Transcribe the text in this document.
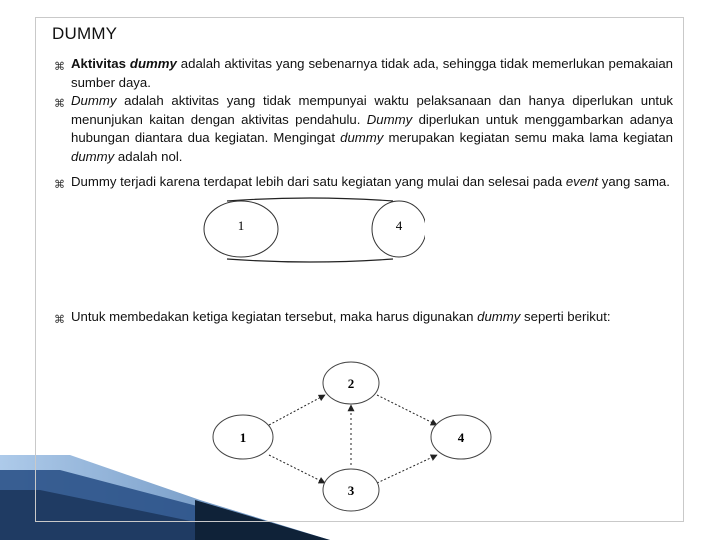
DUMMY
⌘
⌘
⌘
⌘
Aktivitas dummy adalah aktivitas yang sebenarnya tidak ada, sehingga tidak memerlukan pemakaian sumber daya.
Dummy adalah aktivitas yang tidak mempunyai waktu pelaksanaan dan hanya diperlukan untuk menunjukan kaitan dengan aktivitas pendahulu. Dummy diperlukan untuk menggambarkan adanya hubungan diantara dua kegiatan. Mengingat dummy merupakan kegiatan semu maka lama kegiatan dummy adalah nol.
Dummy terjadi karena terdapat lebih dari satu kegiatan yang mulai dan selesai pada event yang sama.
Untuk membedakan ketiga kegiatan tersebut, maka harus digunakan dummy seperti berikut:
1	4
2
1	4
3
